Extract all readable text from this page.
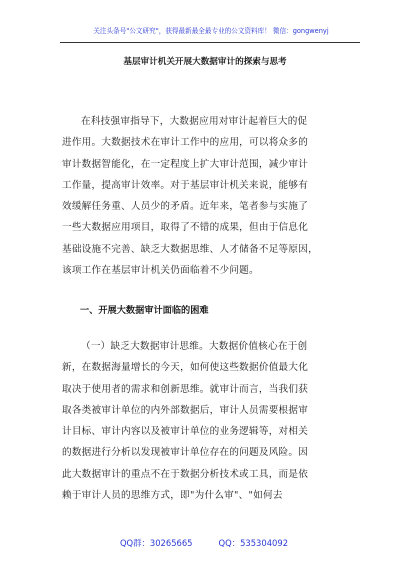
关注头条号"公文研究"，获得最新最全最专业的公文资料库！ 微信：gongwenyj
基层审计机关开展大数据审计的探索与思考
在科技强审指导下，大数据应用对审计起着巨大的促
进作用。大数据技术在审计工作中的应用，可以将众多的
审计数据智能化，在一定程度上扩大审计范围，减少审计
工作量，提高审计效率。对于基层审计机关来说，能够有
效缓解任务重、人员少的矛盾。近年来，笔者参与实施了
一些大数据应用项目，取得了不错的成果，但由于信息化
基础设施不完善、缺乏大数据思维、人才储备不足等原因，
该项工作在基层审计机关仍面临着不少问题。
一、开展大数据审计面临的困难
（一）缺乏大数据审计思维。大数据价值核心在于创
新，在数据海量增长的今天，如何使这些数据价值最大化
取决于使用者的需求和创新思维。就审计而言，当我们获
取各类被审计单位的内外部数据后，审计人员需要根据审
计目标、审计内容以及被审计单位的业务逻辑等，对相关
的数据进行分析以发现被审计单位存在的问题及风险。因
此大数据审计的重点不在于数据分析技术或工具，而是依
赖于审计人员的思维方式，即"为什么审"、"如何去
QQ群：30265665	QQ：535304092
